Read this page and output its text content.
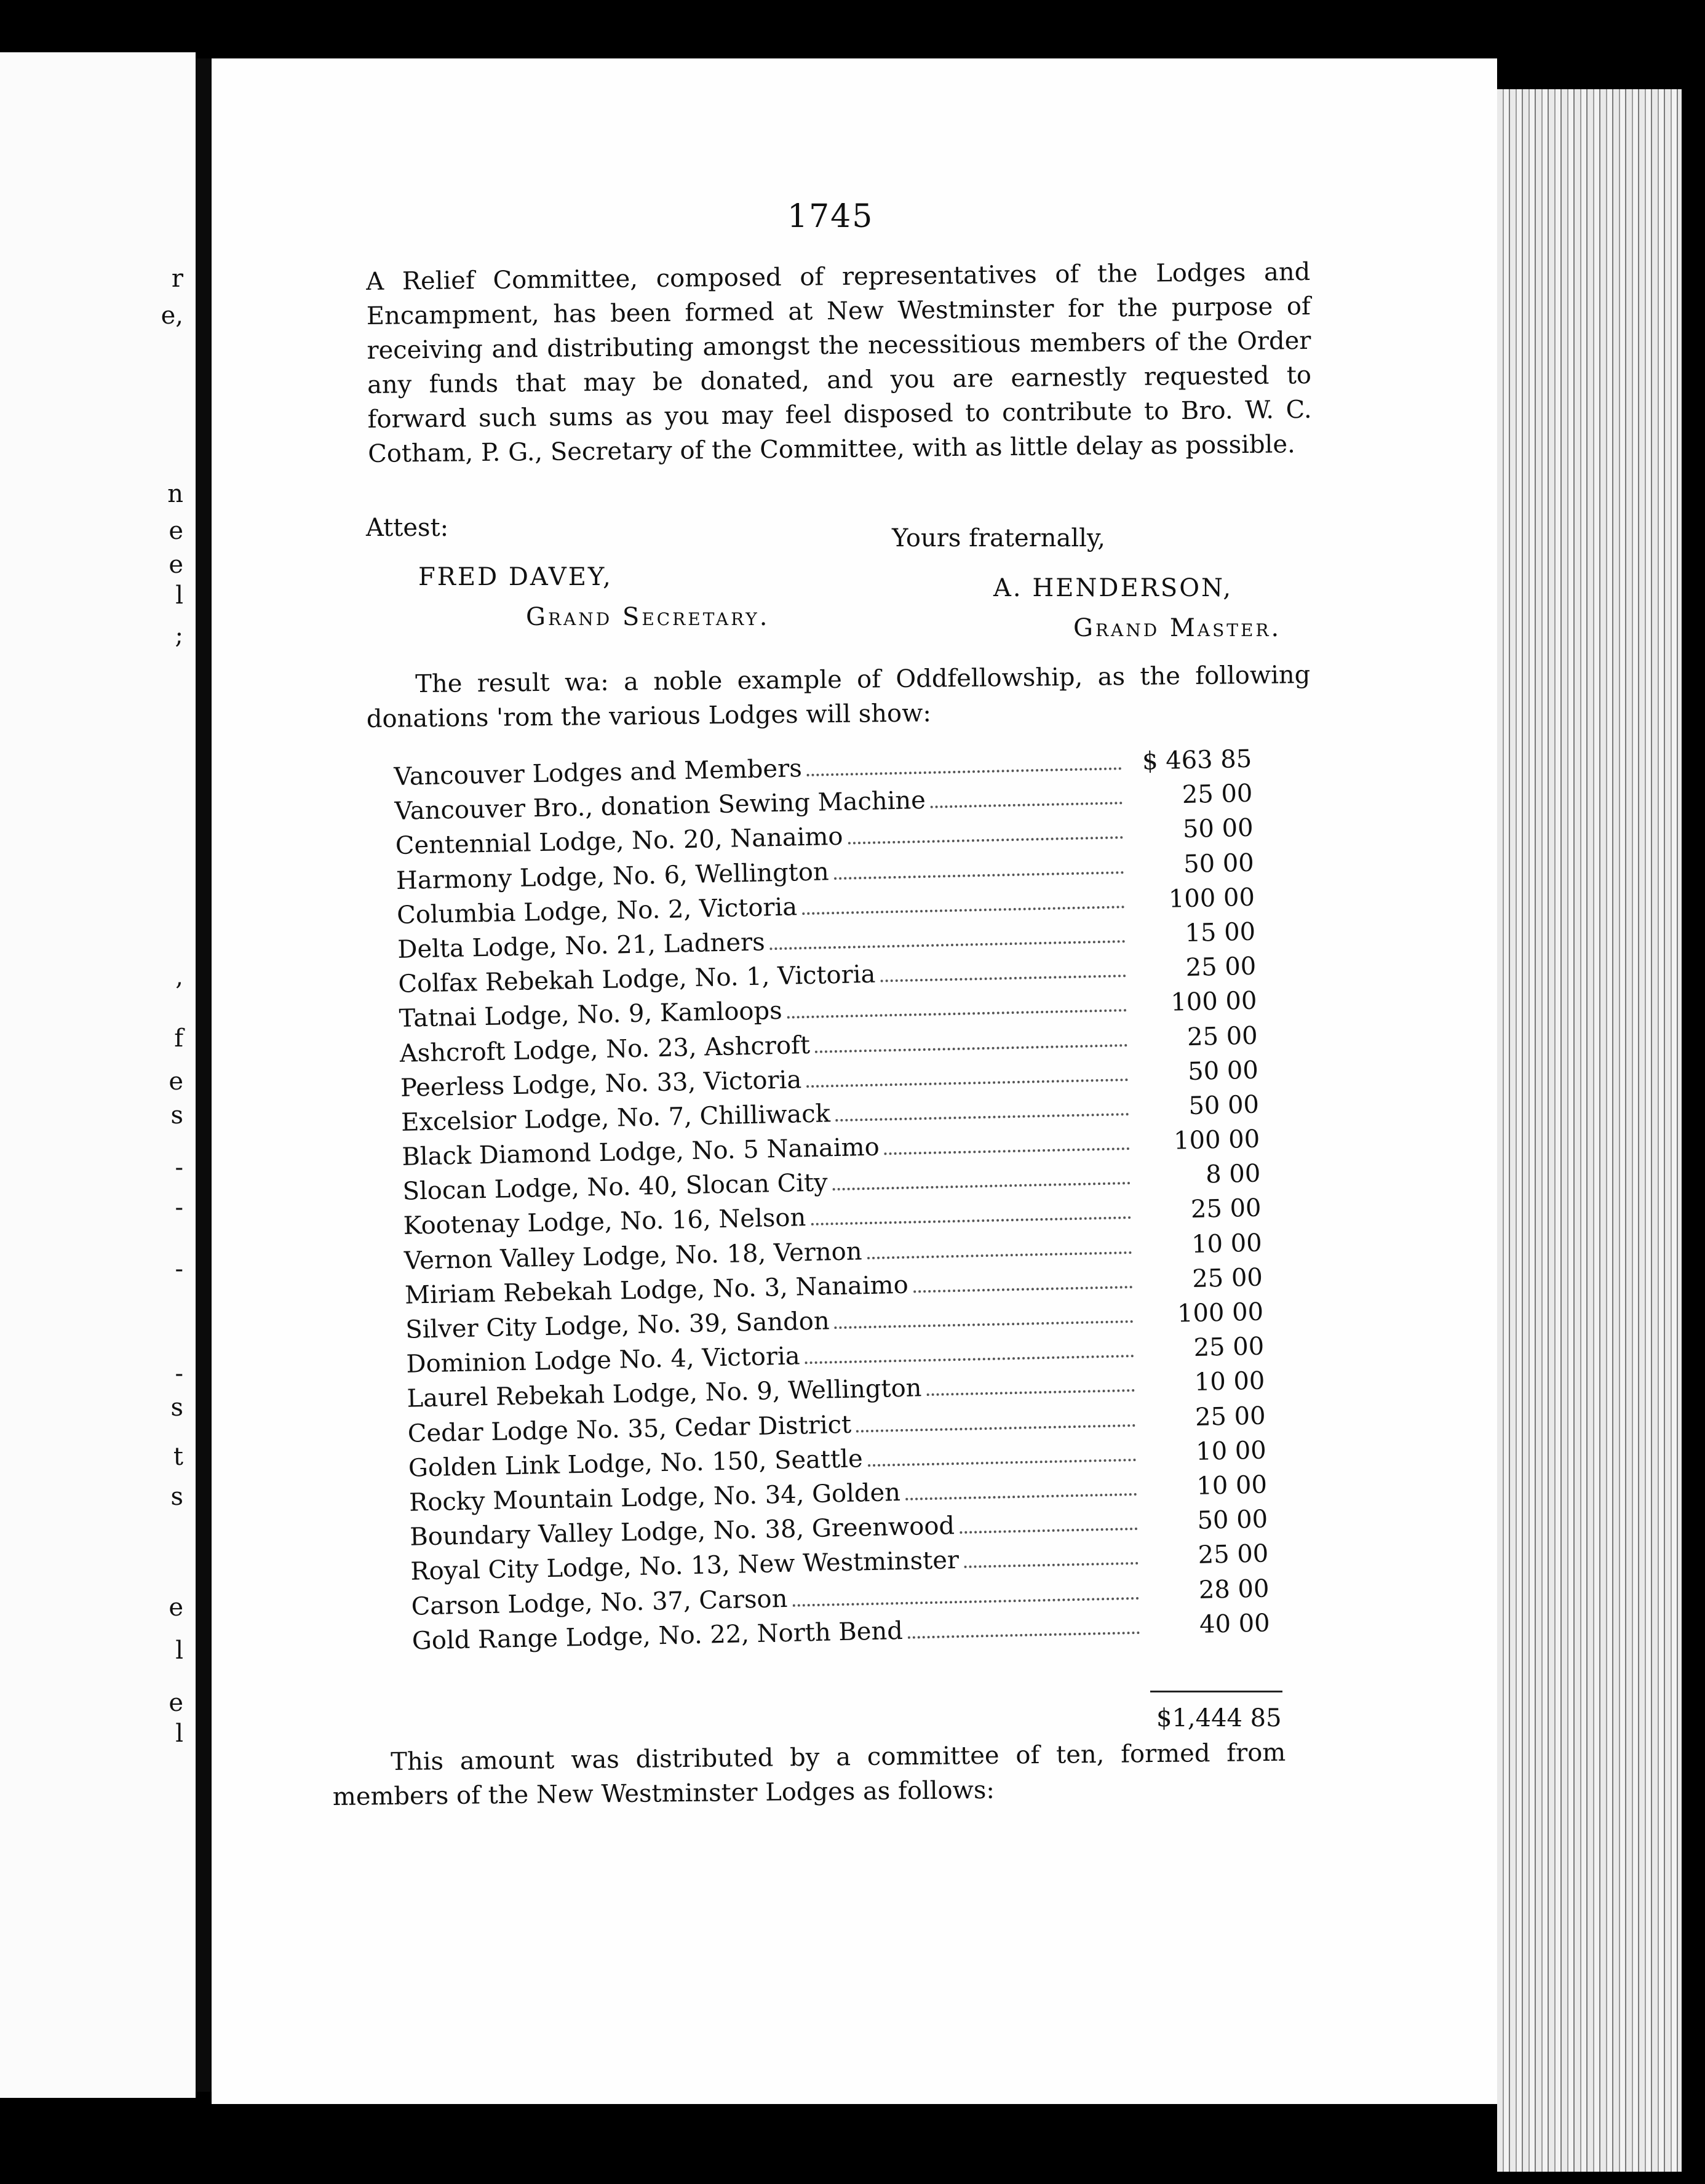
r
e,
n
e
e
l
;
,
f
e
s
-
-
-
-
s
t
s
e
l
e
l
1745
A Relief Committee, composed of representatives of the Lodges and Encampment, has been formed at New Westminster for the purpose of receiving and distributing amongst the necessitious members of the Order any funds that may be donated, and you are earnestly requested to forward such sums as you may feel disposed to contribute to Bro. W. C. Cotham, P. G., Secretary of the Committee, with as little delay as possible.
Attest:	Yours fraternally,
FRED DAVEY,
Grand Secretary.
A. HENDERSON,
Grand Master.
The result wa: a noble example of Oddfellowship, as the following donations 'rom the various Lodges will show:
Vancouver Lodges and Members	$ 463 85
Vancouver Bro., donation Sewing Machine	25 00
Centennial Lodge, No. 20, Nanaimo	50 00
Harmony Lodge, No. 6, Wellington	50 00
Columbia Lodge, No. 2, Victoria	100 00
Delta Lodge, No. 21, Ladners	15 00
Colfax Rebekah Lodge, No. 1, Victoria	25 00
Tatnai Lodge, No. 9, Kamloops	100 00
Ashcroft Lodge, No. 23, Ashcroft	25 00
Peerless Lodge, No. 33, Victoria	50 00
Excelsior Lodge, No. 7, Chilliwack	50 00
Black Diamond Lodge, No. 5 Nanaimo	100 00
Slocan Lodge, No. 40, Slocan City	8 00
Kootenay Lodge, No. 16, Nelson	25 00
Vernon Valley Lodge, No. 18, Vernon	10 00
Miriam Rebekah Lodge, No. 3, Nanaimo	25 00
Silver City Lodge, No. 39, Sandon	100 00
Dominion Lodge No. 4, Victoria	25 00
Laurel Rebekah Lodge, No. 9, Wellington	10 00
Cedar Lodge No. 35, Cedar District	25 00
Golden Link Lodge, No. 150, Seattle	10 00
Rocky Mountain Lodge, No. 34, Golden	10 00
Boundary Valley Lodge, No. 38, Greenwood	50 00
Royal City Lodge, No. 13, New Westminster	25 00
Carson Lodge, No. 37, Carson	28 00
Gold Range Lodge, No. 22, North Bend	40 00
$1,444 85
This amount was distributed by a committee of ten, formed from members of the New Westminster Lodges as follows:
